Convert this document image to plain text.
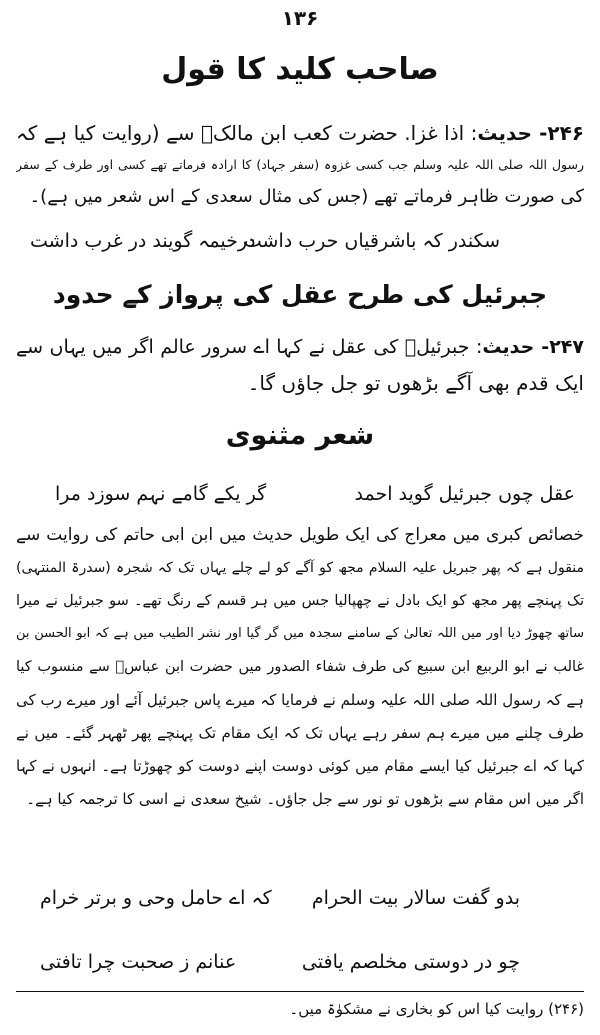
۱۳۶
صاحب کلید کا قول
۲۴۶- حدیث: اذا غزا. حضرت کعب ابن مالکؓ سے (روایت کیا ہے کہ
رسول اللہ صلی اللہ علیہ وسلم جب کسی غزوہ (سفر جہاد) کا ارادہ فرماتے تھے کسی اور طرف کے سفر
کی صورت ظاہر فرماتے تھے (جس کی مثال سعدی کے اس شعر میں ہے)۔
سکندر کہ باشرقیاں حرب داشت
درخیمہ گویند در غرب داشت
جبرئیل کی طرح عقل کی پرواز کے حدود
۲۴۷- حدیث: جبرئیلؑ کی عقل نے کہا اے سرور عالم اگر میں یہاں سے
ایک قدم بھی آگے بڑھوں تو جل جاؤں گا۔
شعر مثنوی
عقل چوں جبرئیل گوید احمد
گر یکے گامے نہم سوزد مرا
خصائص کبری میں معراج کی ایک طویل حدیث میں ابن ابی حاتم کی روایت سے
منقول ہے کہ پھر جبریل علیہ السلام مجھ کو آگے کو لے چلے یہاں تک کہ شجرہ (سدرۃ المنتہی)
تک پہنچے پھر مجھ کو ایک بادل نے چھپالیا جس میں ہر قسم کے رنگ تھے۔ سو جبرئیل نے میرا
ساتھ چھوڑ دیا اور میں اللہ تعالیٰ کے سامنے سجدہ میں گر گیا اور نشر الطیب میں ہے کہ ابو الحسن بن
غالب نے ابو الربیع ابن سبیع کی طرف شفاء الصدور میں حضرت ابن عباسؓ سے منسوب کیا
ہے کہ رسول اللہ صلی اللہ علیہ وسلم نے فرمایا کہ میرے پاس جبرئیل آئے اور میرے رب کی
طرف چلنے میں میرے ہم سفر رہے یہاں تک کہ ایک مقام تک پہنچے پھر ٹھہر گئے۔ میں نے
کہا کہ اے جبرئیل کیا ایسے مقام میں کوئی دوست اپنے دوست کو چھوڑتا ہے۔ انہوں نے کہا
اگر میں اس مقام سے بڑھوں تو نور سے جل جاؤں۔ شیخ سعدی نے اسی کا ترجمہ کیا ہے۔
بدو گفت سالار بیت الحرام
کہ اے حامل وحی و برتر خرام
چو در دوستی مخلصم یافتی
عنانم ز صحبت چرا تافتی
(۲۴۶) روایت کیا اس کو بخاری نے مشکوٰۃ میں۔
